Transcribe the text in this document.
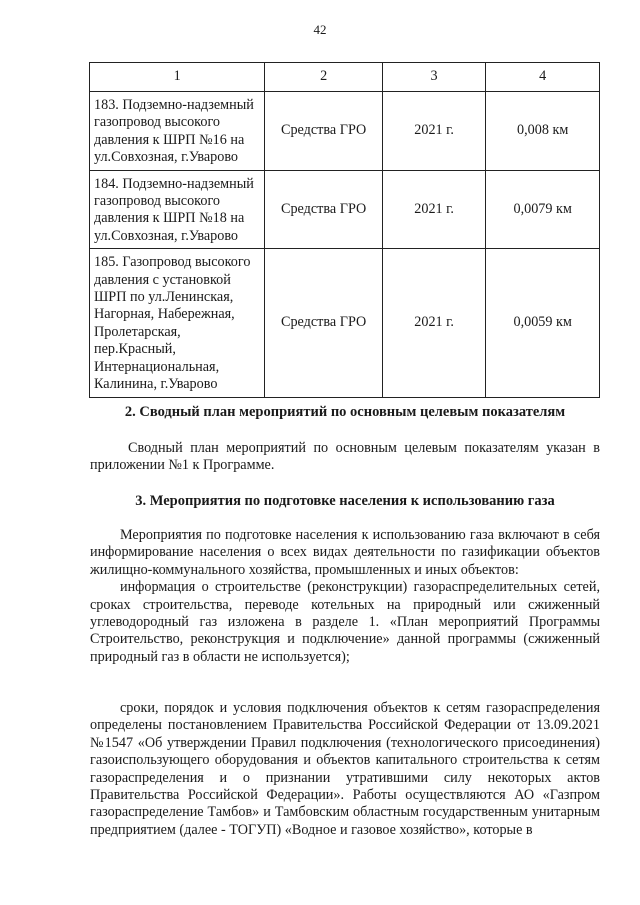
42
1	2	3	4
183. Подземно-надземный газопровод высокого давления к ШРП №16 на ул.Совхозная, г.Уварово	Средства ГРО	2021 г.	0,008 км
184. Подземно-надземный газопровод высокого давления к ШРП №18 на ул.Совхозная, г.Уварово	Средства ГРО	2021 г.	0,0079 км
185. Газопровод высокого давления с установкой ШРП по ул.Ленинская, Нагорная, Набережная, Пролетарская, пер.Красный, Интернациональная, Калинина, г.Уварово	Средства ГРО	2021 г.	0,0059 км
2. Сводный план мероприятий по основным целевым показателям

Сводный план мероприятий по основным целевым показателям указан в приложении №1 к Программе.

3. Мероприятия по подготовке населения к использованию газа

Мероприятия по подготовке населения к использованию газа включают в себя информирование населения о всех видах деятельности по газификации объектов жилищно-коммунального хозяйства, промышленных и иных объектов:

информация о строительстве (реконструкции) газораспределительных сетей, сроках строительства, переводе котельных на природный или сжиженный углеводородный газ изложена в разделе 1. «План мероприятий Программы Строительство, реконструкция и подключение» данной программы (сжиженный природный газ в области не используется);

сроки, порядок и условия подключения объектов к сетям газораспределения определены постановлением Правительства Российской Федерации от 13.09.2021 №1547 «Об утверждении Правил подключения (технологического присоединения) газоиспользующего оборудования и объектов капитального строительства к сетям газораспределения и о признании утратившими силу некоторых актов Правительства Российской Федерации». Работы осуществляются АО «Газпром газораспределение Тамбов» и Тамбовским областным государственным унитарным предприятием (далее - ТОГУП) «Водное и газовое хозяйство», которые в
